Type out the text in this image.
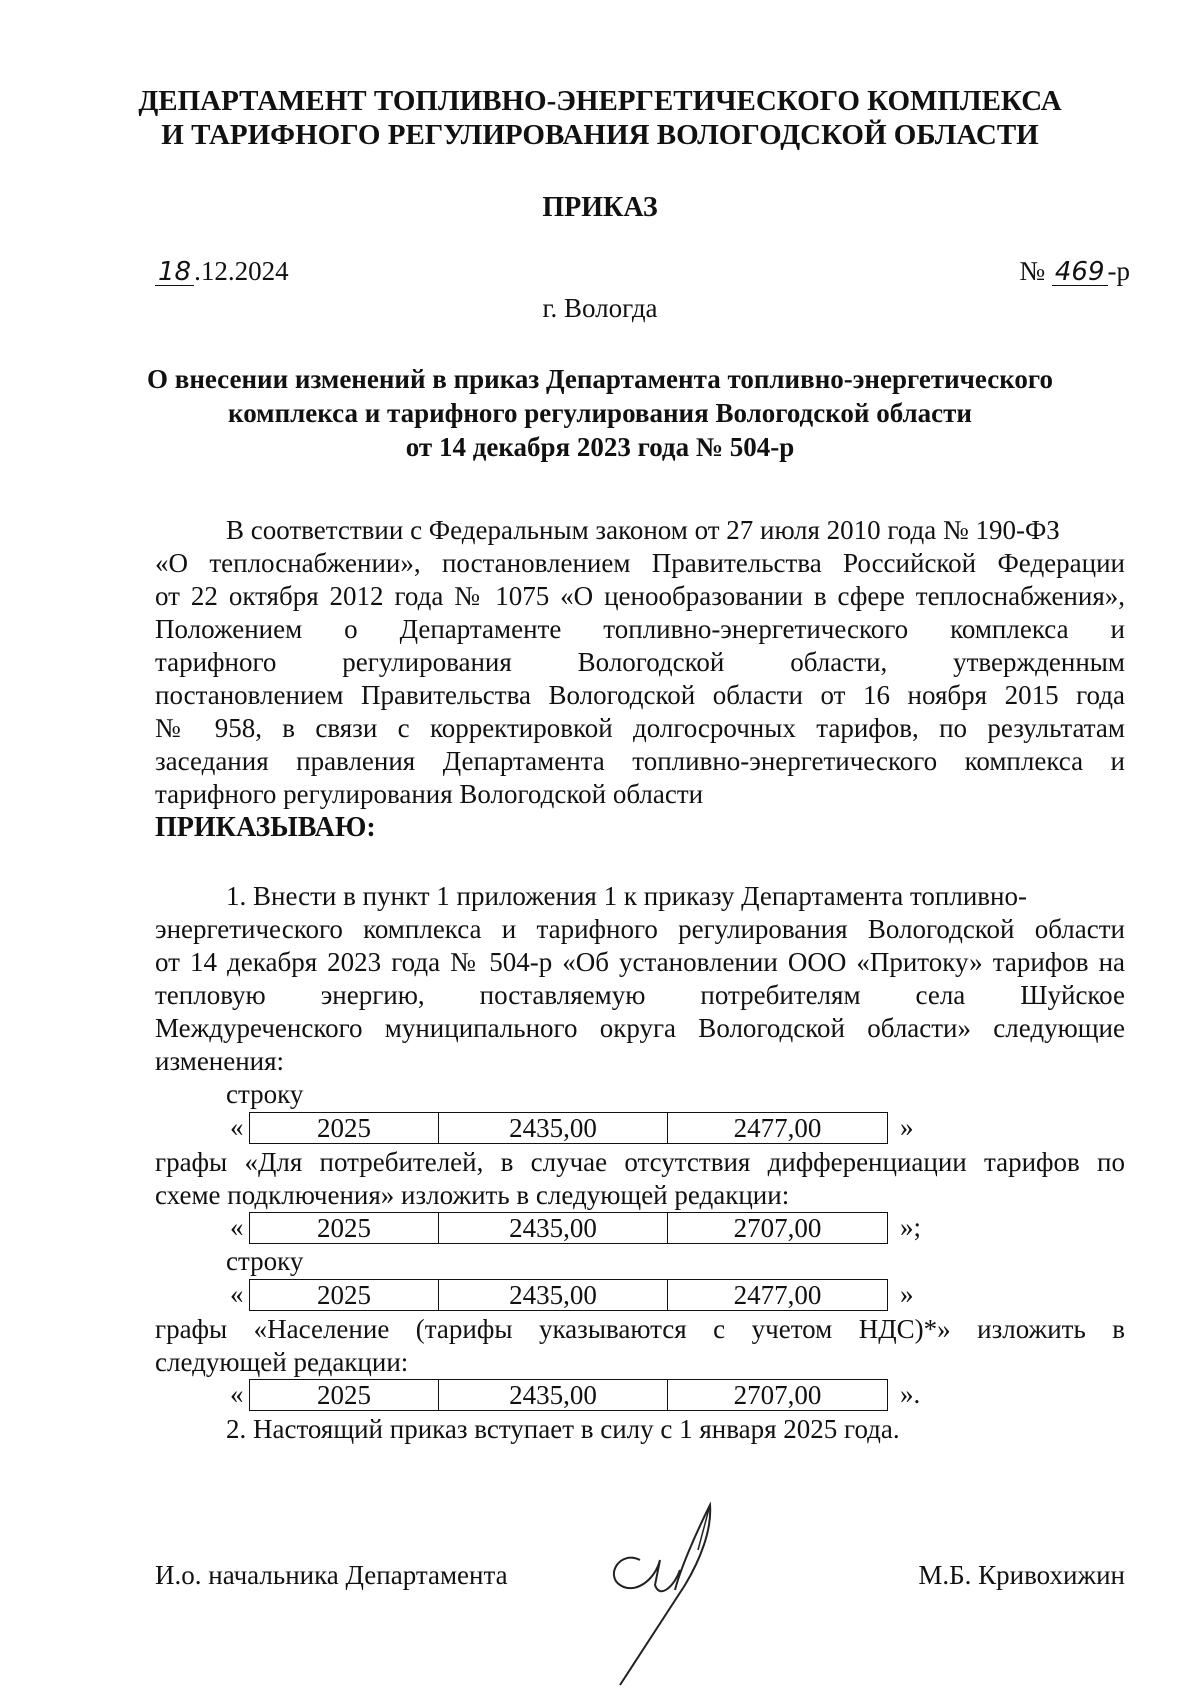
ДЕПАРТАМЕНТ ТОПЛИВНО-ЭНЕРГЕТИЧЕСКОГО КОМПЛЕКСА
И ТАРИФНОГО РЕГУЛИРОВАНИЯ ВОЛОГОДСКОЙ ОБЛАСТИ
ПРИКАЗ
18 .12.2024	№ 469 -р
г. Вологда
О внесении изменений в приказ Департамента топливно-энергетического
комплекса и тарифного регулирования Вологодской области
от 14 декабря 2023 года № 504-р
В соответствии с Федеральным законом от 27 июля 2010 года № 190-ФЗ
«О теплоснабжении», постановлением Правительства Российской Федерации
от 22 октября 2012 года № 1075 «О ценообразовании в сфере теплоснабжения»,
Положением о Департаменте топливно-энергетического комплекса и
тарифного регулирования Вологодской области, утвержденным
постановлением Правительства Вологодской области от 16 ноября 2015 года
№ 958, в связи с корректировкой долгосрочных тарифов, по результатам
заседания правления Департамента топливно-энергетического комплекса и
тарифного регулирования Вологодской области
ПРИКАЗЫВАЮ:
1. Внести в пункт 1 приложения 1 к приказу Департамента топливно-
энергетического комплекса и тарифного регулирования Вологодской области
от 14 декабря 2023 года № 504-р «Об установлении ООО «Притоку» тарифов на
тепловую энергию, поставляемую потребителям села Шуйское
Междуреченского муниципального округа Вологодской области» следующие
изменения:
строку
«	2025	2435,00	2477,00	»
графы «Для потребителей, в случае отсутствия дифференциации тарифов по
схеме подключения» изложить в следующей редакции:
«	2025	2435,00	2707,00	»;
строку
«	2025	2435,00	2477,00	»
графы «Население (тарифы указываются с учетом НДС)*» изложить в
следующей редакции:
«	2025	2435,00	2707,00	».
2. Настоящий приказ вступает в силу с 1 января 2025 года.
И.о. начальника Департамента	М.Б. Кривохижин
